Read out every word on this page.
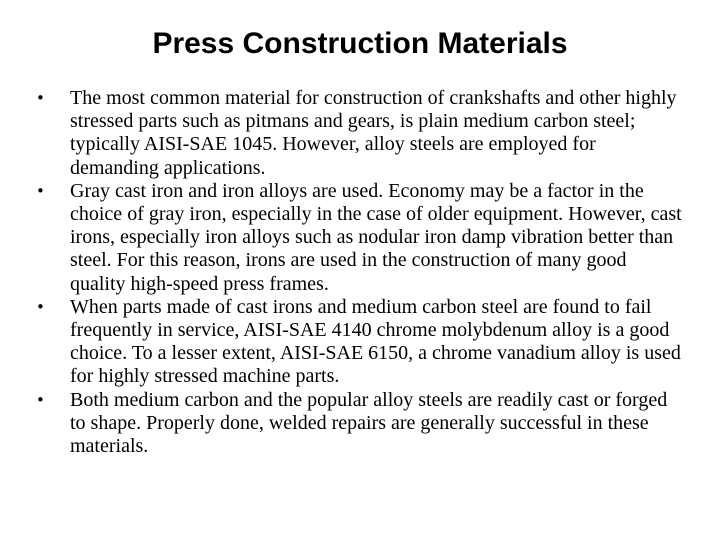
Press Construction Materials
•	The most common material for construction of crankshafts and other highly stressed parts such as pitmans and gears, is plain medium carbon steel; typically AISI-SAE 1045. However, alloy steels are employed for demanding applications.
•	Gray cast iron and iron alloys are used. Economy may be a factor in the choice of gray iron, especially in the case of older equipment. However, cast irons, especially iron alloys such as nodular iron damp vibration better than steel. For this reason, irons are used in the construction of many good quality high-speed press frames.
•	When parts made of cast irons and medium carbon steel are found to fail frequently in service, AISI-SAE 4140 chrome molybdenum alloy is a good choice. To a lesser extent, AISI-SAE 6150, a chrome vanadium alloy is used for highly stressed machine parts.
•	Both medium carbon and the popular alloy steels are readily cast or forged to shape. Properly done, welded repairs are generally successful in these materials.
